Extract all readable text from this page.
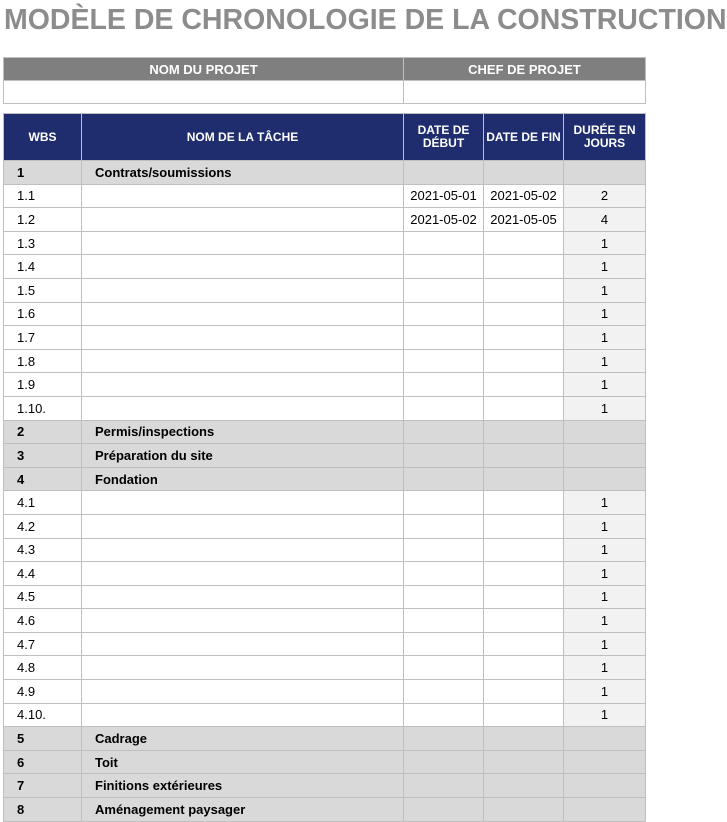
MODÈLE DE CHRONOLOGIE DE LA CONSTRUCTION
NOM DU PROJET	CHEF DE PROJET

WBS	NOM DE LA TÂCHE	DATE DE DÉBUT	DATE DE FIN	DURÉE EN JOURS
1	Contrats/soumissions			
1.1		2021-05-01	2021-05-02	2
1.2		2021-05-02	2021-05-05	4
1.3				1
1.4				1
1.5				1
1.6				1
1.7				1
1.8				1
1.9				1
1.10.				1
2	Permis/inspections			
3	Préparation du site			
4	Fondation			
4.1				1
4.2				1
4.3				1
4.4				1
4.5				1
4.6				1
4.7				1
4.8				1
4.9				1
4.10.				1
5	Cadrage			
6	Toit			
7	Finitions extérieures			
8	Aménagement paysager			
